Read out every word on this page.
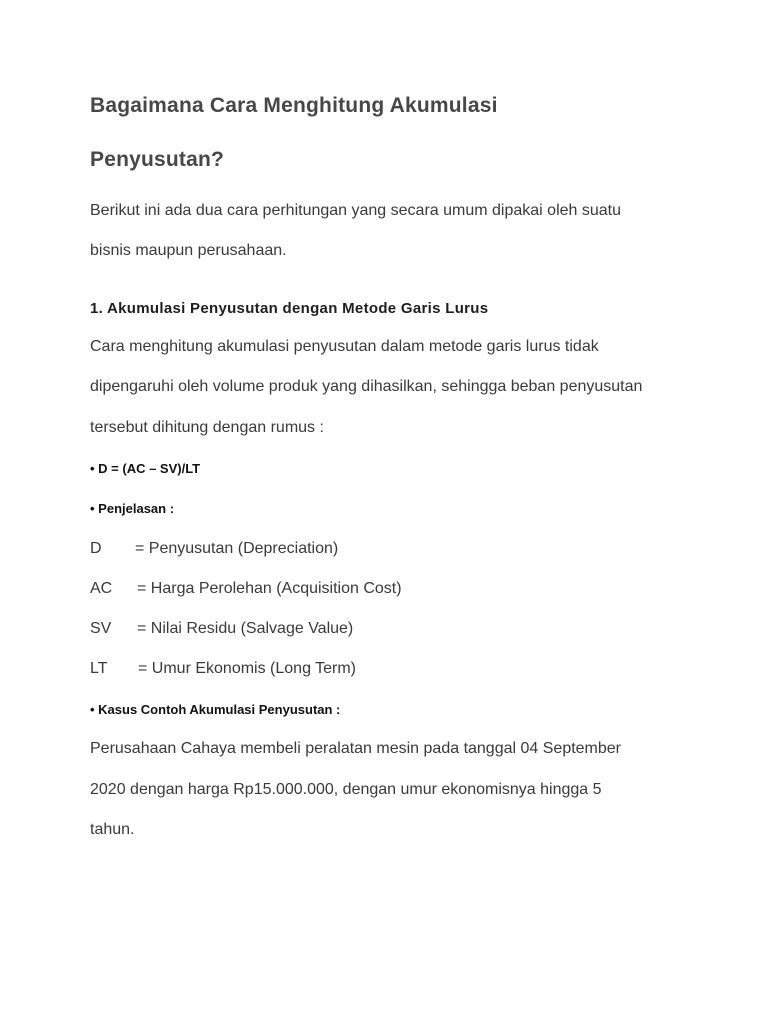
Bagaimana Cara Menghitung Akumulasi
Penyusutan?
Berikut ini ada dua cara perhitungan yang secara umum dipakai oleh suatu
bisnis maupun perusahaan.
1. Akumulasi Penyusutan dengan Metode Garis Lurus
Cara menghitung akumulasi penyusutan dalam metode garis lurus tidak
dipengaruhi oleh volume produk yang dihasilkan, sehingga beban penyusutan
tersebut dihitung dengan rumus :
• D = (AC – SV)/LT
• Penjelasan :
D = Penyusutan (Depreciation)
AC = Harga Perolehan (Acquisition Cost)
SV = Nilai Residu (Salvage Value)
LT = Umur Ekonomis (Long Term)
• Kasus Contoh Akumulasi Penyusutan :
Perusahaan Cahaya membeli peralatan mesin pada tanggal 04 September
2020 dengan harga Rp15.000.000, dengan umur ekonomisnya hingga 5
tahun.
